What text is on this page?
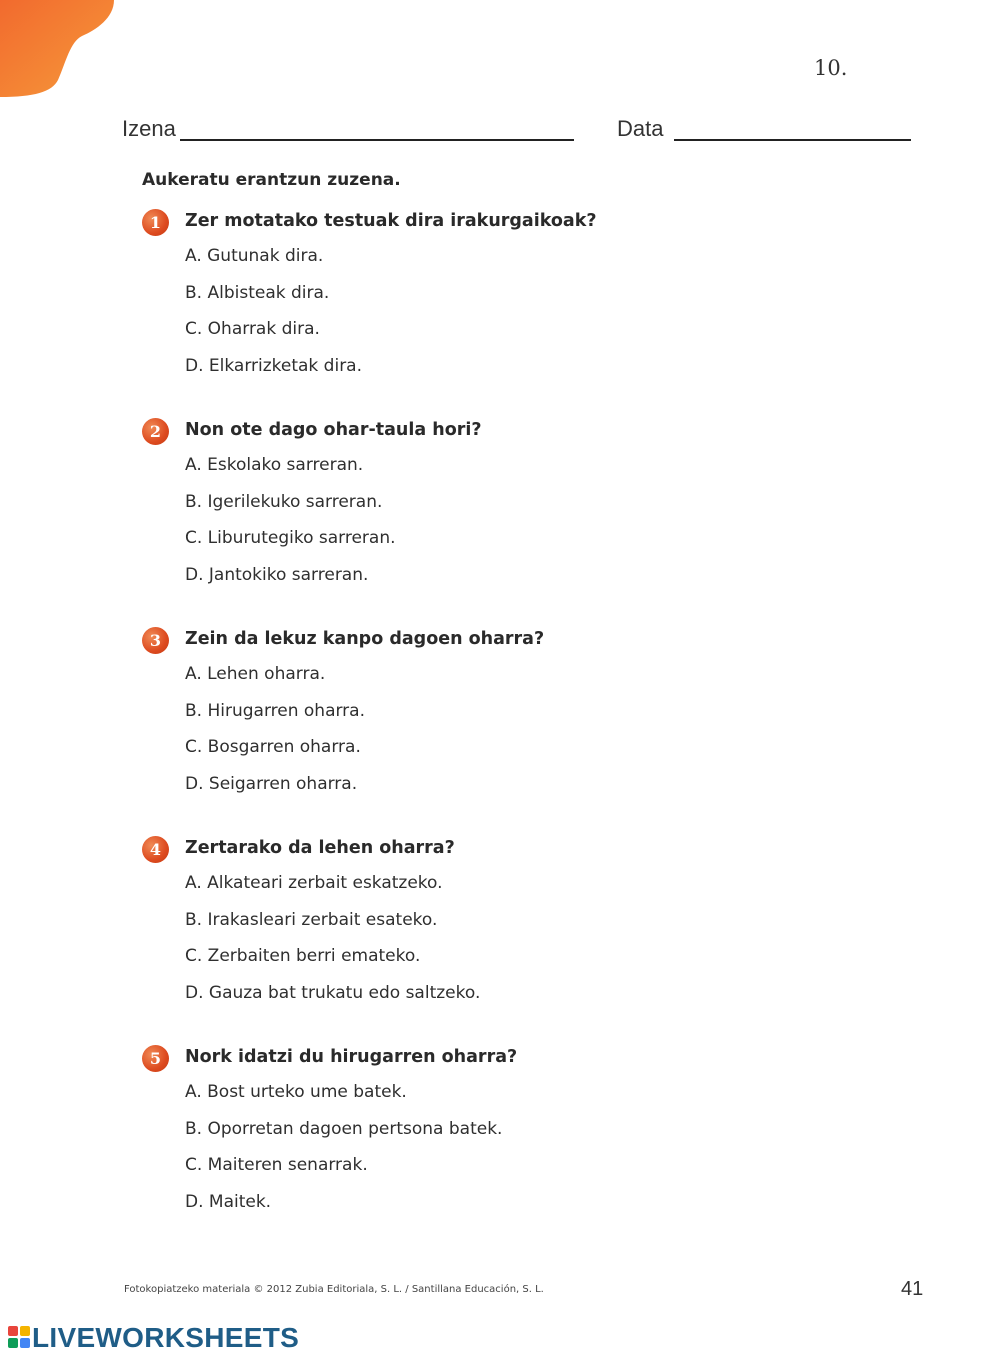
10.
Izena	Data
Aukeratu erantzun zuzena.
1	Zer motatako testuak dira irakurgaikoak?
A. Gutunak dira.
B. Albisteak dira.
C. Oharrak dira.
D. Elkarrizketak dira.
2	Non ote dago ohar-taula hori?
A. Eskolako sarreran.
B. Igerilekuko sarreran.
C. Liburutegiko sarreran.
D. Jantokiko sarreran.
3	Zein da lekuz kanpo dagoen oharra?
A. Lehen oharra.
B. Hirugarren oharra.
C. Bosgarren oharra.
D. Seigarren oharra.
4	Zertarako da lehen oharra?
A. Alkateari zerbait eskatzeko.
B. Irakasleari zerbait esateko.
C. Zerbaiten berri emateko.
D. Gauza bat trukatu edo saltzeko.
5	Nork idatzi du hirugarren oharra?
A. Bost urteko ume batek.
B. Oporretan dagoen pertsona batek.
C. Maiteren senarrak.
D. Maitek.
Fotokopiatzeko materiala © 2012 Zubia Editoriala, S. L. / Santillana Educación, S. L.	41
LIVEWORKSHEETS
